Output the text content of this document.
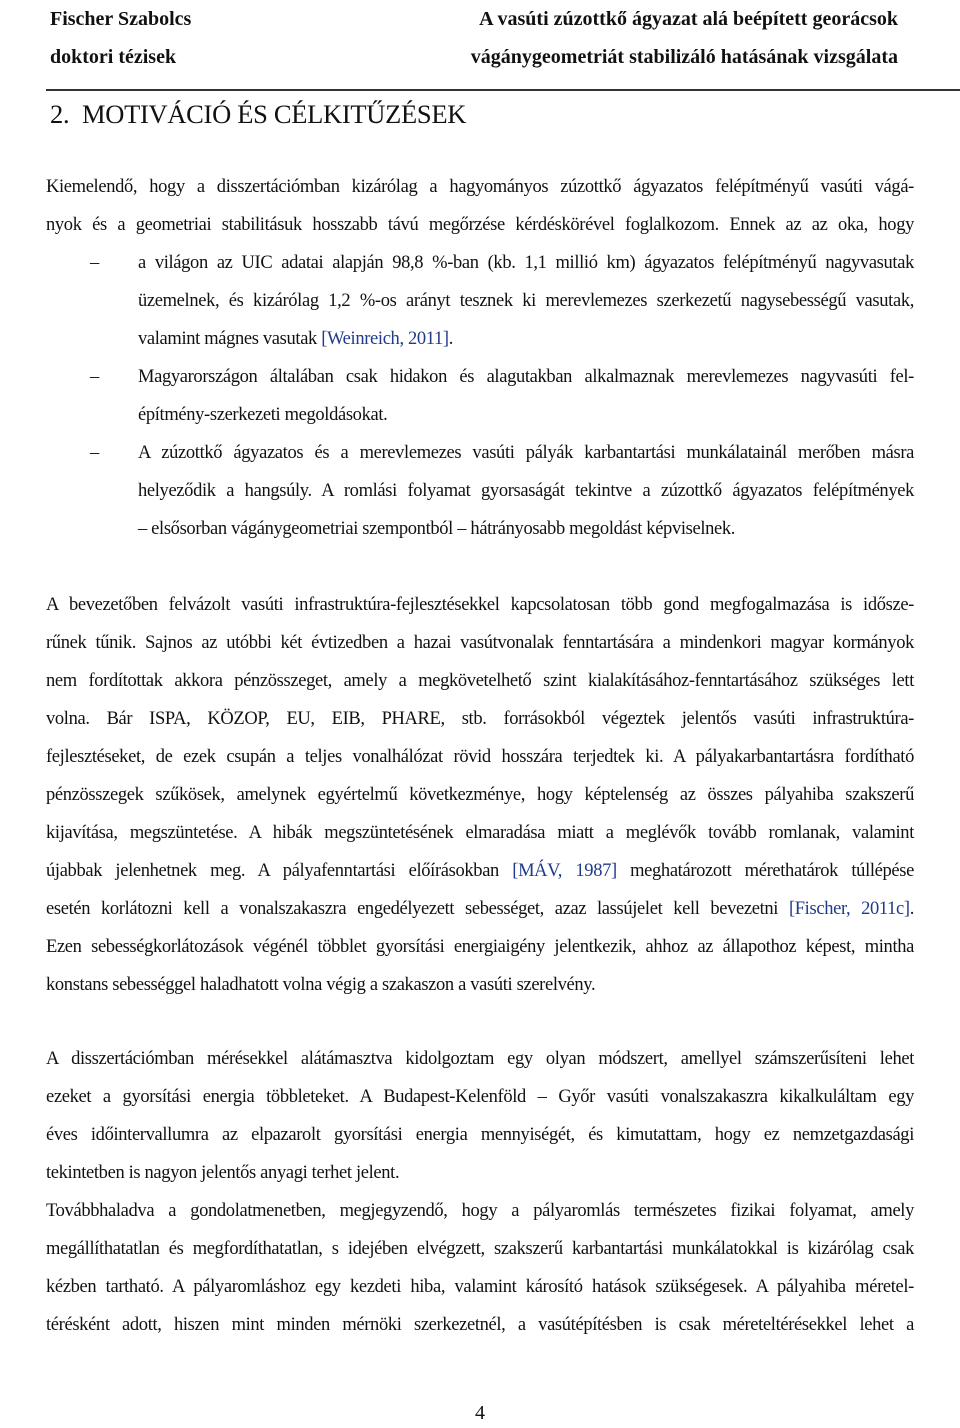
Fischer Szabolcs
doktori tézisek
A vasúti zúzottkő ágyazat alá beépített georácsok
vágánygeometriát stabilizáló hatásának vizsgálata
2. MOTIVÁCIÓ ÉS CÉLKITŰZÉSEK
Kiemelendő, hogy a disszertációmban kizárólag a hagyományos zúzottkő ágyazatos felépítményű vasúti vágá-
nyok és a geometriai stabilitásuk hosszabb távú megőrzése kérdéskörével foglalkozom. Ennek az az oka, hogy
–	a világon az UIC adatai alapján 98,8 %-ban (kb. 1,1 millió km) ágyazatos felépítményű nagyvasutak
üzemelnek, és kizárólag 1,2 %-os arányt tesznek ki merevlemezes szerkezetű nagysebességű vasutak,
valamint mágnes vasutak [Weinreich, 2011].
–	Magyarországon általában csak hidakon és alagutakban alkalmaznak merevlemezes nagyvasúti fel-
építmény-szerkezeti megoldásokat.
–	A zúzottkő ágyazatos és a merevlemezes vasúti pályák karbantartási munkálatainál merőben másra
helyeződik a hangsúly. A romlási folyamat gyorsaságát tekintve a zúzottkő ágyazatos felépítmények
– elsősorban vágánygeometriai szempontból – hátrányosabb megoldást képviselnek.
A bevezetőben felvázolt vasúti infrastruktúra-fejlesztésekkel kapcsolatosan több gond megfogalmazása is idősze-
rűnek tűnik. Sajnos az utóbbi két évtizedben a hazai vasútvonalak fenntartására a mindenkori magyar kormányok
nem fordítottak akkora pénzösszeget, amely a megkövetelhető szint kialakításához-fenntartásához szükséges lett
volna. Bár ISPA, KÖZOP, EU, EIB, PHARE, stb. forrásokból végeztek jelentős vasúti infrastruktúra-
fejlesztéseket, de ezek csupán a teljes vonalhálózat rövid hosszára terjedtek ki. A pályakarbantartásra fordítható
pénzösszegek szűkösek, amelynek egyértelmű következménye, hogy képtelenség az összes pályahiba szakszerű
kijavítása, megszüntetése. A hibák megszüntetésének elmaradása miatt a meglévők tovább romlanak, valamint
újabbak jelenhetnek meg. A pályafenntartási előírásokban [MÁV, 1987] meghatározott mérethatárok túllépése
esetén korlátozni kell a vonalszakaszra engedélyezett sebességet, azaz lassújelet kell bevezetni [Fischer, 2011c].
Ezen sebességkorlátozások végénél többlet gyorsítási energiaigény jelentkezik, ahhoz az állapothoz képest, mintha
konstans sebességgel haladhatott volna végig a szakaszon a vasúti szerelvény.
A disszertációmban mérésekkel alátámasztva kidolgoztam egy olyan módszert, amellyel számszerűsíteni lehet
ezeket a gyorsítási energia többleteket. A Budapest-Kelenföld – Győr vasúti vonalszakaszra kikalkuláltam egy
éves időintervallumra az elpazarolt gyorsítási energia mennyiségét, és kimutattam, hogy ez nemzetgazdasági
tekintetben is nagyon jelentős anyagi terhet jelent.
Továbbhaladva a gondolatmenetben, megjegyzendő, hogy a pályaromlás természetes fizikai folyamat, amely
megállíthatatlan és megfordíthatatlan, s idejében elvégzett, szakszerű karbantartási munkálatokkal is kizárólag csak
kézben tartható. A pályaromláshoz egy kezdeti hiba, valamint károsító hatások szükségesek. A pályahiba méretel-
térésként adott, hiszen mint minden mérnöki szerkezetnél, a vasútépítésben is csak méreteltérésekkel lehet a
4
